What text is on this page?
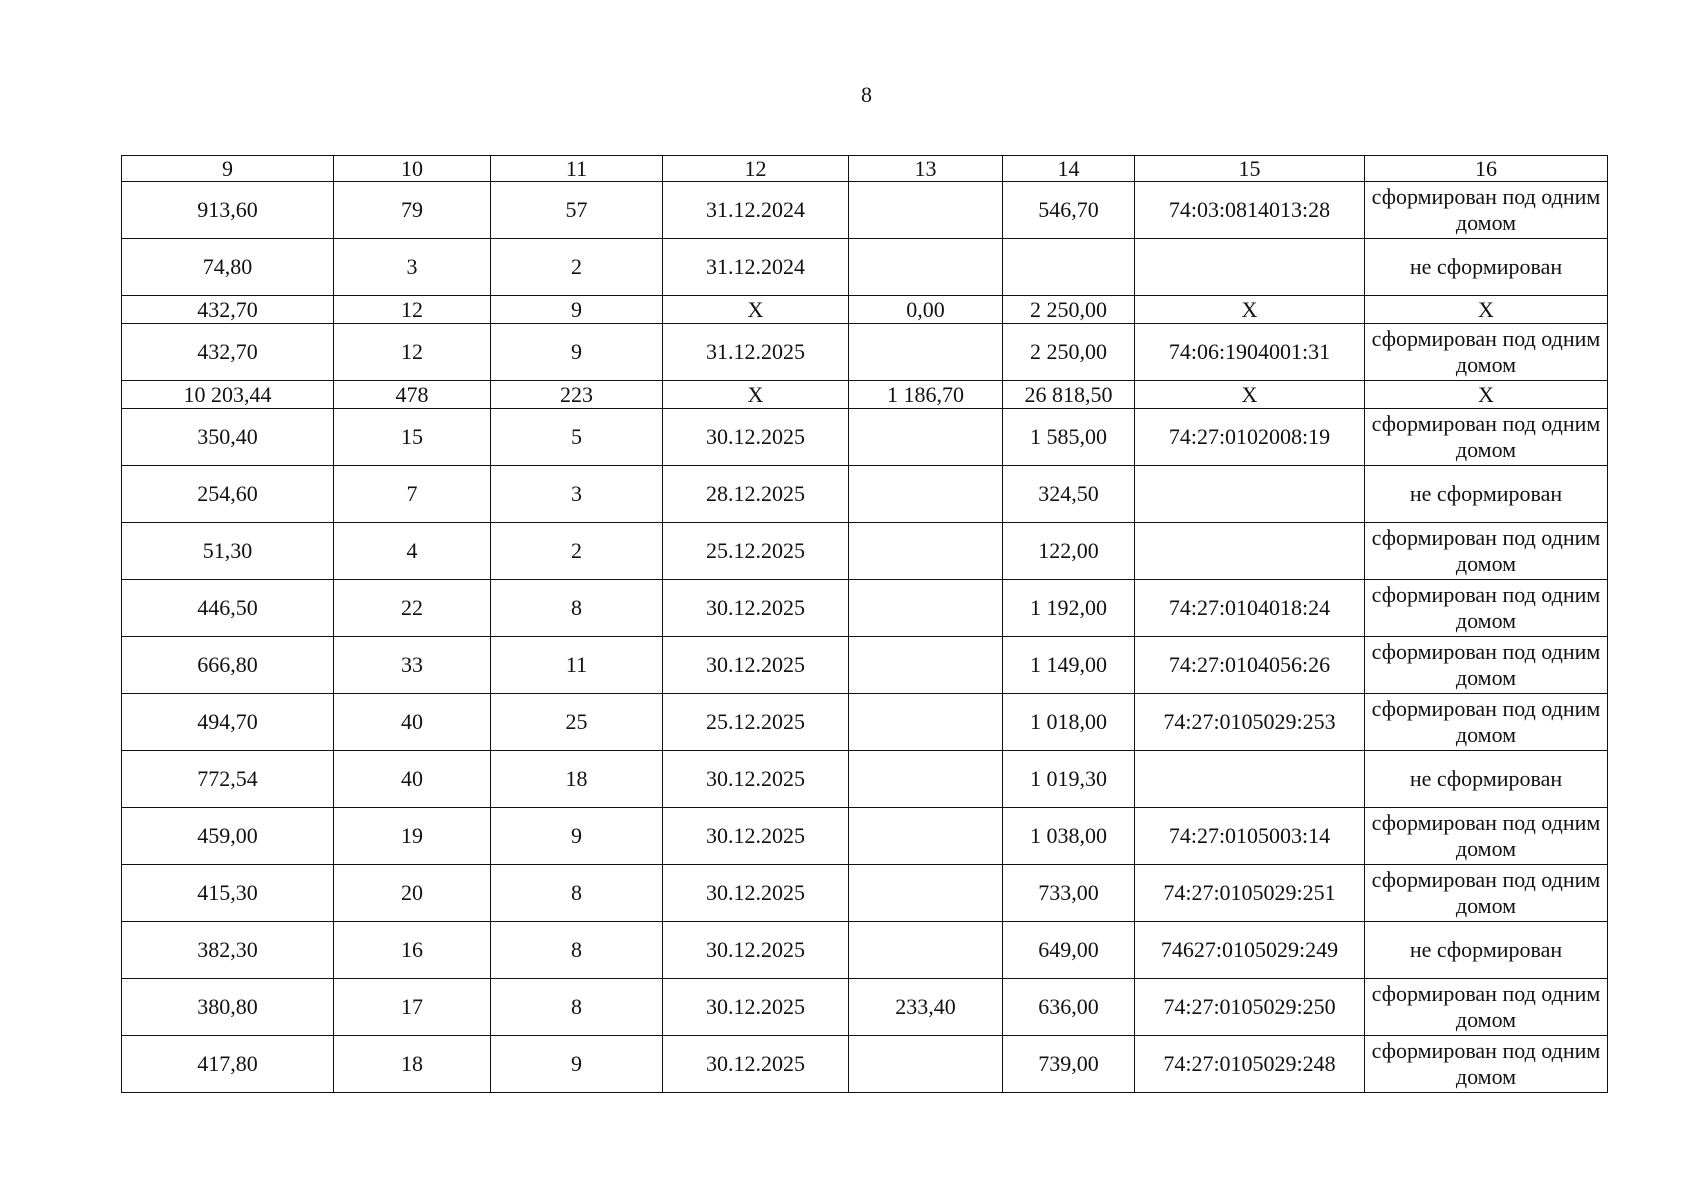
8
9	10	11	12	13	14	15	16
913,60	79	57	31.12.2024		546,70	74:03:0814013:28	сформирован под одним домом
74,80	3	2	31.12.2024				не сформирован
432,70	12	9	X	0,00	2 250,00	X	X
432,70	12	9	31.12.2025		2 250,00	74:06:1904001:31	сформирован под одним домом
10 203,44	478	223	X	1 186,70	26 818,50	X	X
350,40	15	5	30.12.2025		1 585,00	74:27:0102008:19	сформирован под одним домом
254,60	7	3	28.12.2025		324,50		не сформирован
51,30	4	2	25.12.2025		122,00		сформирован под одним домом
446,50	22	8	30.12.2025		1 192,00	74:27:0104018:24	сформирован под одним домом
666,80	33	11	30.12.2025		1 149,00	74:27:0104056:26	сформирован под одним домом
494,70	40	25	25.12.2025		1 018,00	74:27:0105029:253	сформирован под одним домом
772,54	40	18	30.12.2025		1 019,30		не сформирован
459,00	19	9	30.12.2025		1 038,00	74:27:0105003:14	сформирован под одним домом
415,30	20	8	30.12.2025		733,00	74:27:0105029:251	сформирован под одним домом
382,30	16	8	30.12.2025		649,00	74627:0105029:249	не сформирован
380,80	17	8	30.12.2025	233,40	636,00	74:27:0105029:250	сформирован под одним домом
417,80	18	9	30.12.2025		739,00	74:27:0105029:248	сформирован под одним домом
